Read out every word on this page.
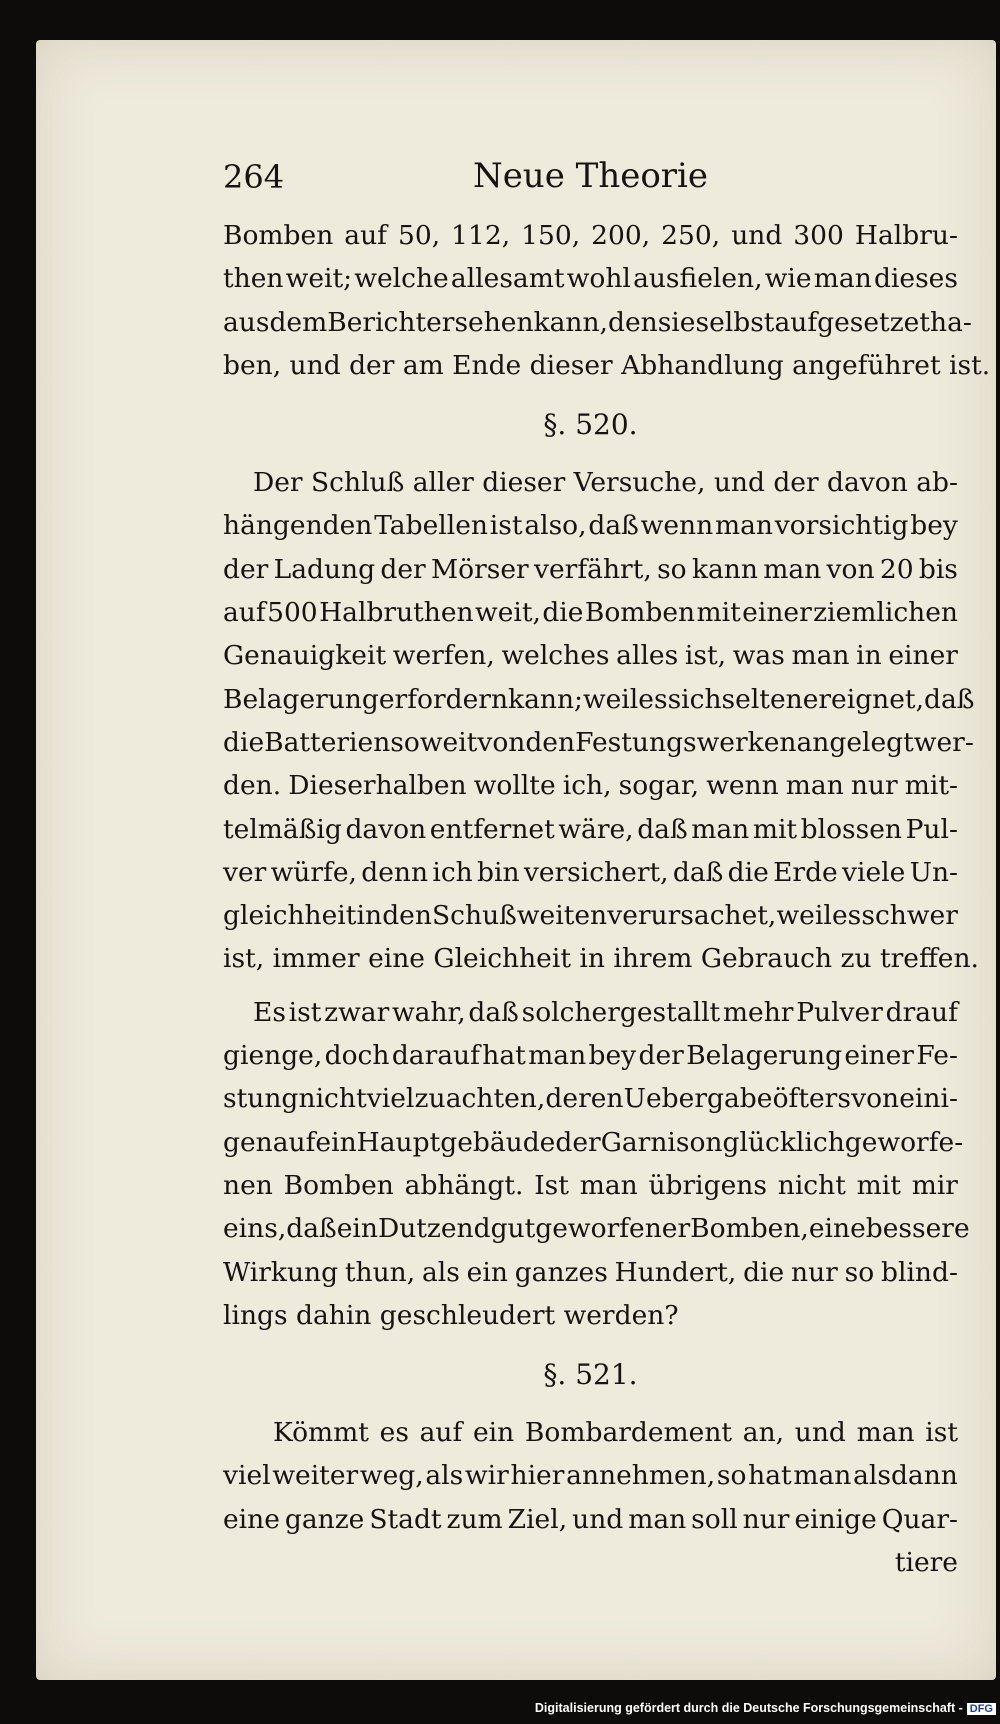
264	Neue Theorie
Bomben auf 50, 112, 150, 200, 250, und 300 Halbru-
then weit; welche allesamt wohl ausfielen, wie man dieses
aus dem Bericht ersehen kann, den sie selbst aufgesetzet ha-
ben, und der am Ende dieser Abhandlung angeführet ist.
§. 520.
Der Schluß aller dieser Versuche, und der davon ab-
hängenden Tabellen ist also, daß wenn man vorsichtig bey
der Ladung der Mörser verfährt, so kann man von 20 bis
auf 500 Halbruthen weit, die Bomben mit einer ziemlichen
Genauigkeit werfen, welches alles ist, was man in einer
Belagerung erfordern kann; weil es sich selten ereignet, daß
die Batterien so weit von den Festungswerken angelegt wer-
den. Dieserhalben wollte ich, sogar, wenn man nur mit-
telmäßig davon entfernet wäre, daß man mit blossen Pul-
ver würfe, denn ich bin versichert, daß die Erde viele Un-
gleichheit in den Schußweiten verursachet, weil es schwer
ist, immer eine Gleichheit in ihrem Gebrauch zu treffen.
Es ist zwar wahr, daß solchergestallt mehr Pulver drauf
gienge, doch darauf hat man bey der Belagerung einer Fe-
stung nicht viel zu achten, deren Uebergabe öfters von eini-
gen auf ein Hauptgebäude der Garnison glücklich geworfe-
nen Bomben abhängt. Ist man übrigens nicht mit mir
eins, daß ein Dutzend gut geworfener Bomben, eine bessere
Wirkung thun, als ein ganzes Hundert, die nur so blind-
lings dahin geschleudert werden?
§. 521.
Kömmt es auf ein Bombardement an, und man ist
viel weiter weg, als wir hier annehmen, so hat man alsdann
eine ganze Stadt zum Ziel, und man soll nur einige Quar-
tiere
Digitalisierung gefördert durch die Deutsche Forschungsgemeinschaft - DFG
